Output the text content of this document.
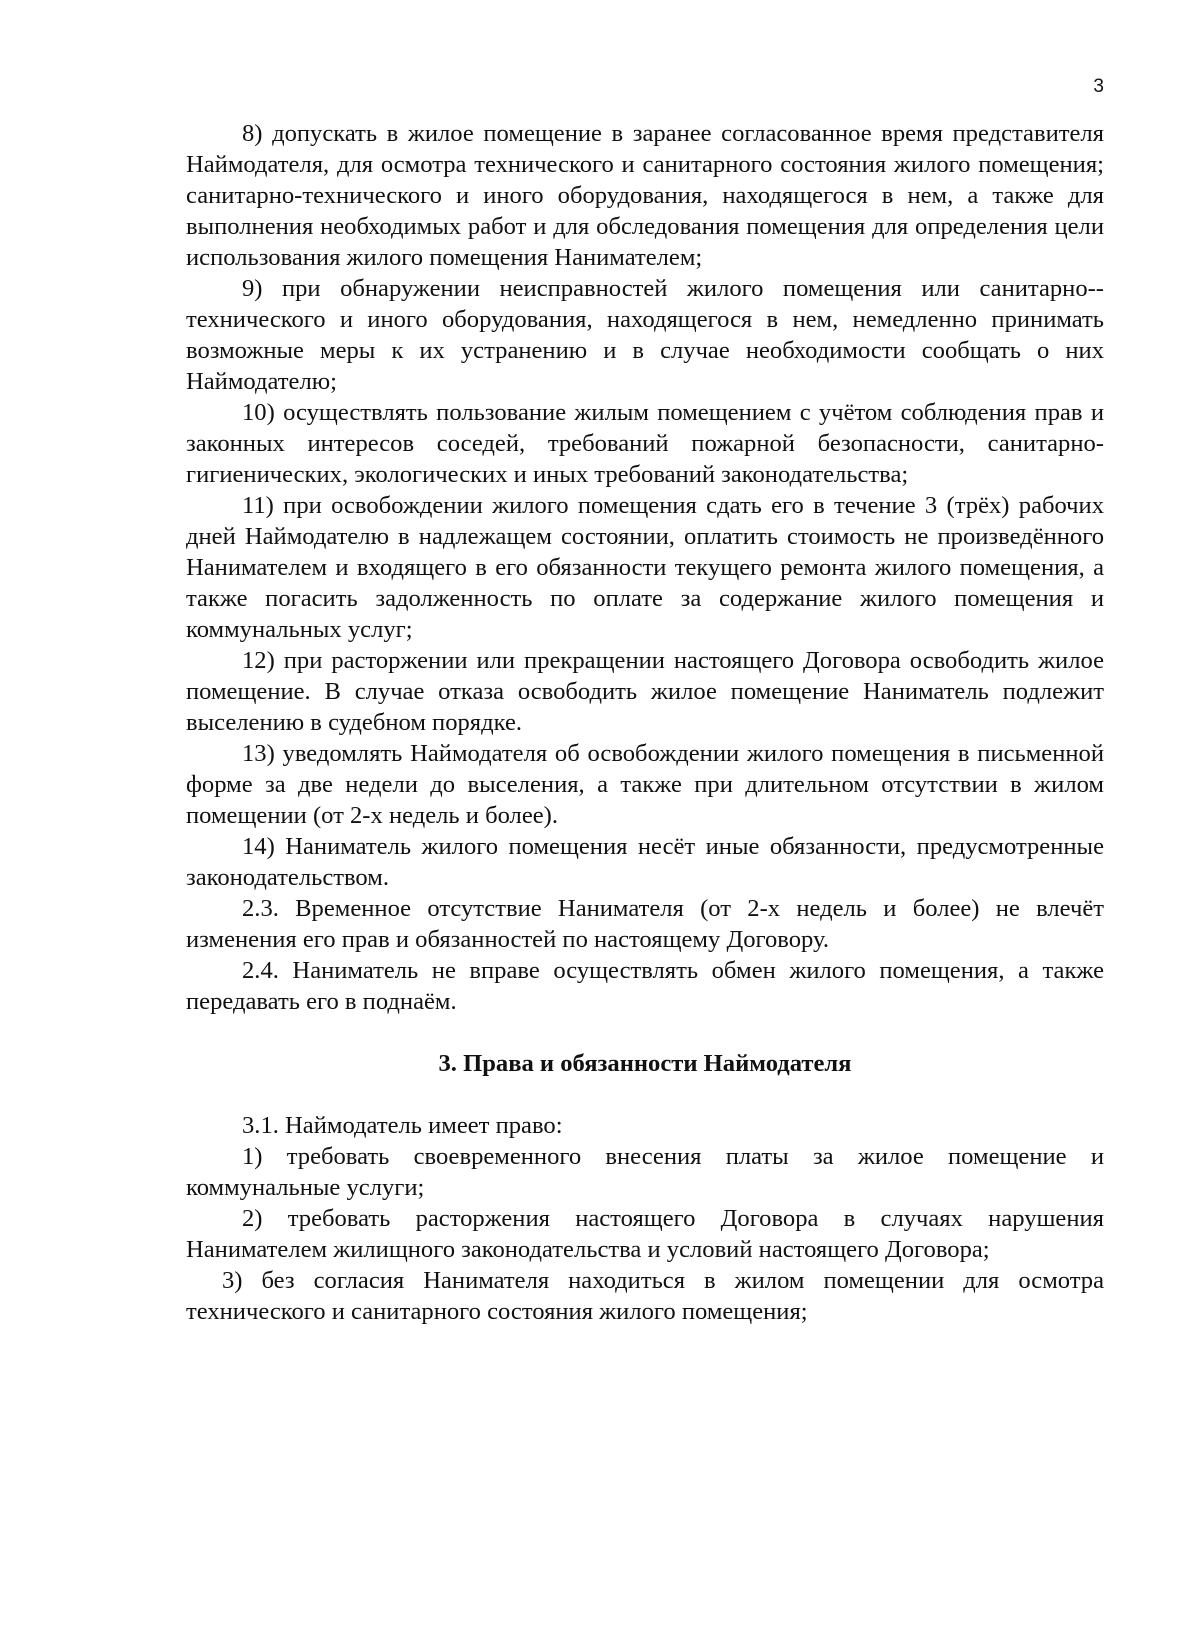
3

8) допускать в жилое помещение в заранее согласованное время представителя Наймодателя, для осмотра технического и санитарного состояния жилого помещения; санитарно-технического и иного оборудования, находящегося в нем, а также для выполнения необходимых работ и для обследования помещения для определения цели использования жилого помещения Нанимателем;

9) при обнаружении неисправностей жилого помещения или санитарно--технического и иного оборудования, находящегося в нем, немедленно принимать возможные меры к их устранению и в случае необходимости сообщать о них Наймодателю;

10) осуществлять пользование жилым помещением с учётом соблюдения прав и законных интересов соседей, требований пожарной безопасности, санитарно-гигиенических, экологических и иных требований законодательства;

11) при освобождении жилого помещения сдать его в течение 3 (трёх) рабочих дней Наймодателю в надлежащем состоянии, оплатить стоимость не произведённого Нанимателем и входящего в его обязанности текущего ремонта жилого помещения, а также погасить задолженность по оплате за содержание жилого помещения и коммунальных услуг;

12) при расторжении или прекращении настоящего Договора освободить жилое помещение. В случае отказа освободить жилое помещение Наниматель подлежит выселению в судебном порядке.

13) уведомлять Наймодателя об освобождении жилого помещения в письменной форме за две недели до выселения, а также при длительном отсутствии в жилом помещении (от 2-х недель и более).

14) Наниматель жилого помещения несёт иные обязанности, предусмотренные законодательством.

2.3. Временное отсутствие Нанимателя (от 2-х недель и более) не влечёт изменения его прав и обязанностей по настоящему Договору.

2.4. Наниматель не вправе осуществлять обмен жилого помещения, а также передавать его в поднаём.

3. Права и обязанности Наймодателя

3.1. Наймодатель имеет право:

1) требовать своевременного внесения платы за жилое помещение и коммунальные услуги;

2) требовать расторжения настоящего Договора в случаях нарушения Нанимателем жилищного законодательства и условий настоящего Договора;

3) без согласия Нанимателя находиться в жилом помещении для осмотра технического и санитарного состояния жилого помещения;
